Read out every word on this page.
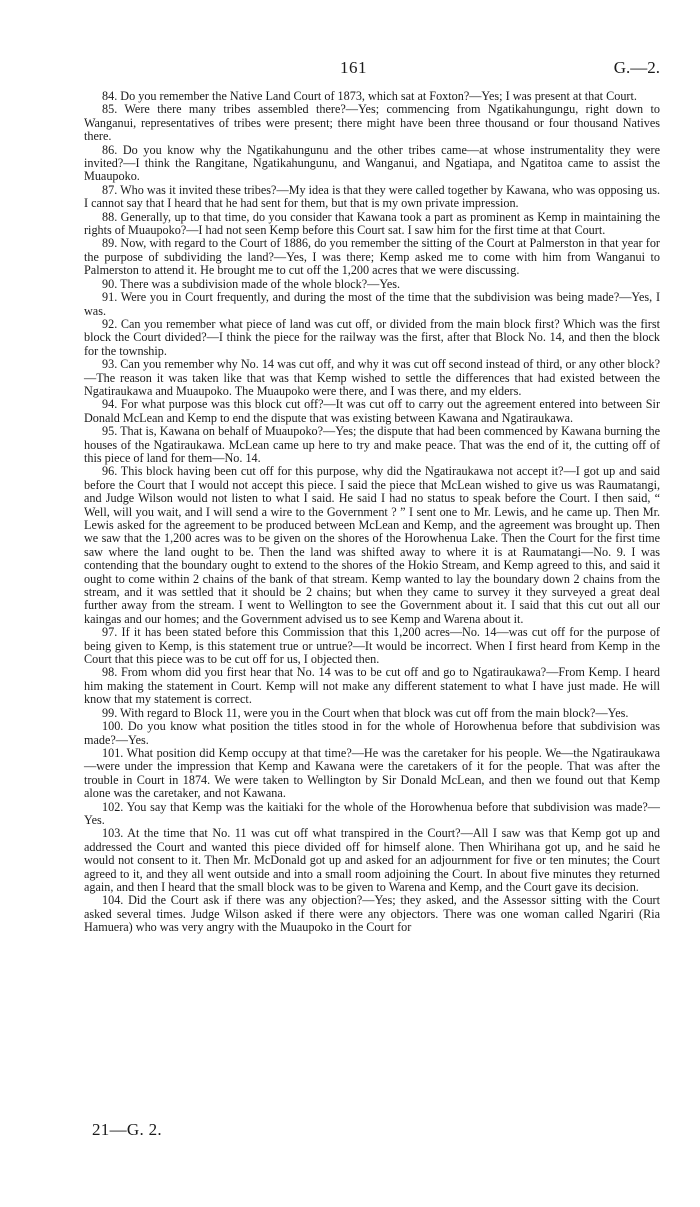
161	G.—2.

84. Do you remember the Native Land Court of 1873, which sat at Foxton?—Yes; I was present at that Court.

85. Were there many tribes assembled there?—Yes; commencing from Ngatikahungungu, right down to Wanganui, representatives of tribes were present; there might have been three thousand or four thousand Natives there.

86. Do you know why the Ngatikahungunu and the other tribes came—at whose instrumentality they were invited?—I think the Rangitane, Ngatikahungunu, and Wanganui, and Ngatiapa, and Ngatitoa came to assist the Muaupoko.

87. Who was it invited these tribes?—My idea is that they were called together by Kawana, who was opposing us. I cannot say that I heard that he had sent for them, but that is my own private impression.

88. Generally, up to that time, do you consider that Kawana took a part as prominent as Kemp in maintaining the rights of Muaupoko?—I had not seen Kemp before this Court sat. I saw him for the first time at that Court.

89. Now, with regard to the Court of 1886, do you remember the sitting of the Court at Palmerston in that year for the purpose of subdividing the land?—Yes, I was there; Kemp asked me to come with him from Wanganui to Palmerston to attend it. He brought me to cut off the 1,200 acres that we were discussing.

90. There was a subdivision made of the whole block?—Yes.

91. Were you in Court frequently, and during the most of the time that the subdivision was being made?—Yes, I was.

92. Can you remember what piece of land was cut off, or divided from the main block first? Which was the first block the Court divided?—I think the piece for the railway was the first, after that Block No. 14, and then the block for the township.

93. Can you remember why No. 14 was cut off, and why it was cut off second instead of third, or any other block?—The reason it was taken like that was that Kemp wished to settle the differences that had existed between the Ngatiraukawa and Muaupoko. The Muaupoko were there, and I was there, and my elders.

94. For what purpose was this block cut off?—It was cut off to carry out the agreement entered into between Sir Donald McLean and Kemp to end the dispute that was existing between Kawana and Ngatiraukawa.

95. That is, Kawana on behalf of Muaupoko?—Yes; the dispute that had been commenced by Kawana burning the houses of the Ngatiraukawa. McLean came up here to try and make peace. That was the end of it, the cutting off of this piece of land for them—No. 14.

96. This block having been cut off for this purpose, why did the Ngatiraukawa not accept it?—I got up and said before the Court that I would not accept this piece. I said the piece that McLean wished to give us was Raumatangi, and Judge Wilson would not listen to what I said. He said I had no status to speak before the Court. I then said, “ Well, will you wait, and I will send a wire to the Government ? ” I sent one to Mr. Lewis, and he came up. Then Mr. Lewis asked for the agreement to be produced between McLean and Kemp, and the agreement was brought up. Then we saw that the 1,200 acres was to be given on the shores of the Horowhenua Lake. Then the Court for the first time saw where the land ought to be. Then the land was shifted away to where it is at Raumatangi—No. 9. I was contending that the boundary ought to extend to the shores of the Hokio Stream, and Kemp agreed to this, and said it ought to come within 2 chains of the bank of that stream. Kemp wanted to lay the boundary down 2 chains from the stream, and it was settled that it should be 2 chains; but when they came to survey it they surveyed a great deal further away from the stream. I went to Wellington to see the Government about it. I said that this cut out all our kaingas and our homes; and the Government advised us to see Kemp and Warena about it.

97. If it has been stated before this Commission that this 1,200 acres—No. 14—was cut off for the purpose of being given to Kemp, is this statement true or untrue?—It would be incorrect. When I first heard from Kemp in the Court that this piece was to be cut off for us, I objected then.

98. From whom did you first hear that No. 14 was to be cut off and go to Ngatiraukawa?—From Kemp. I heard him making the statement in Court. Kemp will not make any different statement to what I have just made. He will know that my statement is correct.

99. With regard to Block 11, were you in the Court when that block was cut off from the main block?—Yes.

100. Do you know what position the titles stood in for the whole of Horowhenua before that subdivision was made?—Yes.

101. What position did Kemp occupy at that time?—He was the caretaker for his people. We—the Ngatiraukawa—were under the impression that Kemp and Kawana were the caretakers of it for the people. That was after the trouble in Court in 1874. We were taken to Wellington by Sir Donald McLean, and then we found out that Kemp alone was the caretaker, and not Kawana.

102. You say that Kemp was the kaitiaki for the whole of the Horowhenua before that subdivision was made?—Yes.

103. At the time that No. 11 was cut off what transpired in the Court?—All I saw was that Kemp got up and addressed the Court and wanted this piece divided off for himself alone. Then Whirihana got up, and he said he would not consent to it. Then Mr. McDonald got up and asked for an adjournment for five or ten minutes; the Court agreed to it, and they all went outside and into a small room adjoining the Court. In about five minutes they returned again, and then I heard that the small block was to be given to Warena and Kemp, and the Court gave its decision.

104. Did the Court ask if there was any objection?—Yes; they asked, and the Assessor sitting with the Court asked several times. Judge Wilson asked if there were any objectors. There was one woman called Ngariri (Ria Hamuera) who was very angry with the Muaupoko in the Court for

21—G. 2.
